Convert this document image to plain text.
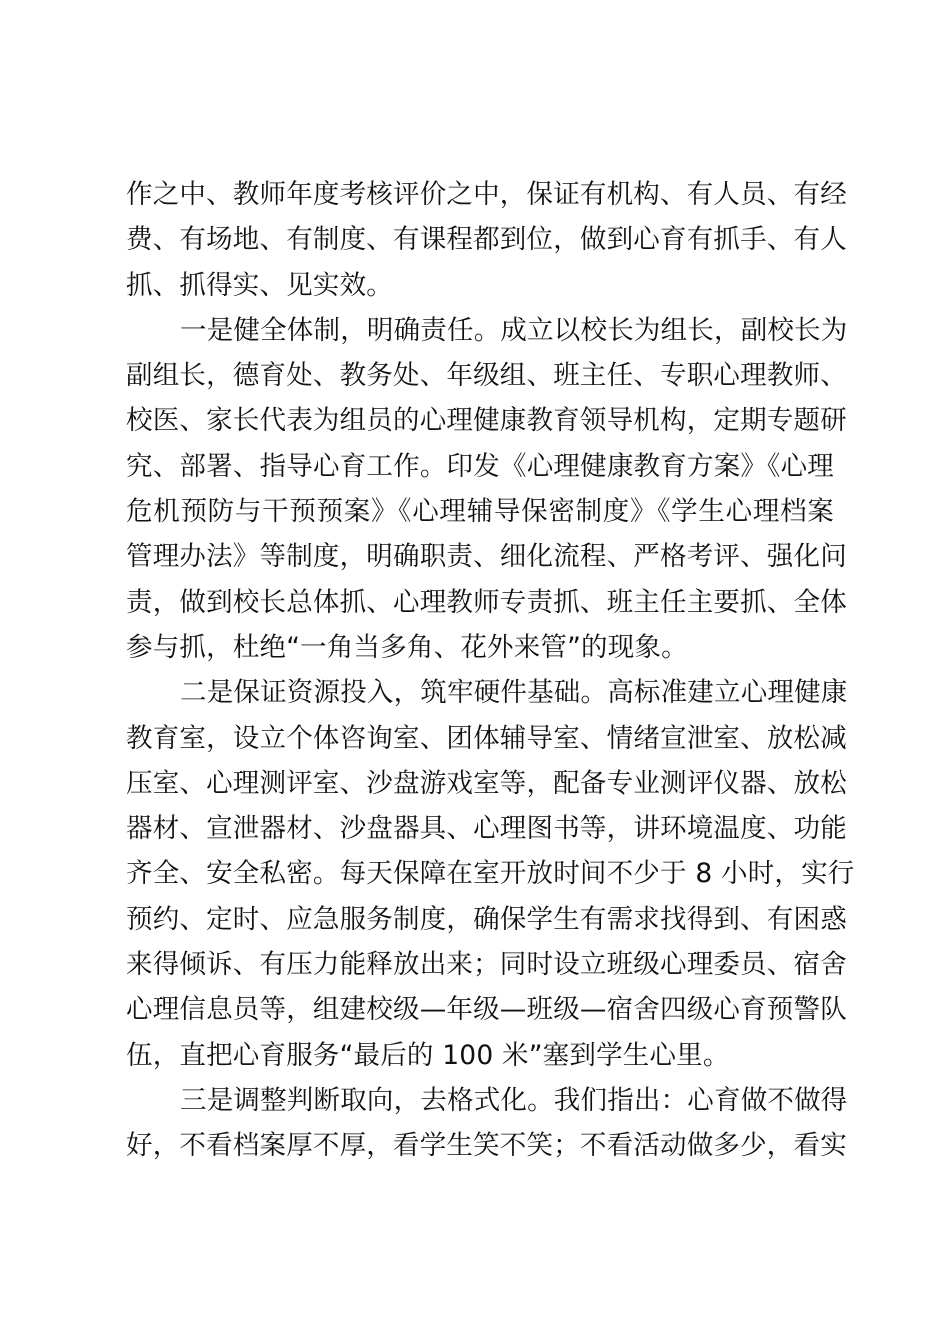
作之中、教师年度考核评价之中，保证有机构、有人员、有经
费、有场地、有制度、有课程都到位，做到心育有抓手、有人
抓、抓得实、见实效。
一是健全体制，明确责任。成立以校长为组长，副校长为
副组长，德育处、教务处、年级组、班主任、专职心理教师、
校医、家长代表为组员的心理健康教育领导机构，定期专题研
究、部署、指导心育工作。印发《心理健康教育方案》《心理
危机预防与干预预案》《心理辅导保密制度》《学生心理档案
管理办法》等制度，明确职责、细化流程、严格考评、强化问
责，做到校长总体抓、心理教师专责抓、班主任主要抓、全体
参与抓，杜绝“一角当多角、花外来管”的现象。
二是保证资源投入，筑牢硬件基础。高标准建立心理健康
教育室，设立个体咨询室、团体辅导室、情绪宣泄室、放松减
压室、心理测评室、沙盘游戏室等，配备专业测评仪器、放松
器材、宣泄器材、沙盘器具、心理图书等，讲环境温度、功能
齐全、安全私密。每天保障在室开放时间不少于 8 小时，实行
预约、定时、应急服务制度，确保学生有需求找得到、有困惑
来得倾诉、有压力能释放出来；同时设立班级心理委员、宿舍
心理信息员等，组建校级—年级—班级—宿舍四级心育预警队
伍，直把心育服务“最后的 100 米”塞到学生心里。
三是调整判断取向，去格式化。我们指出：心育做不做得
好，不看档案厚不厚，看学生笑不笑；不看活动做多少，看实
